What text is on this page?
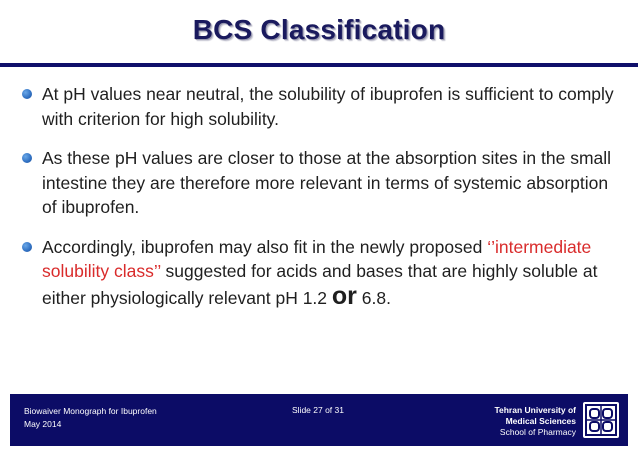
BCS Classification
At pH values near neutral, the solubility of ibuprofen is sufficient to comply with criterion for high solubility.
As these pH values are closer to those at the absorption sites in the small intestine they are therefore more relevant in terms of systemic absorption of ibuprofen.
Accordingly, ibuprofen may also fit in the newly proposed ‘’intermediate solubility class’’ suggested for acids and bases that are highly soluble at either physiologically relevant pH 1.2 or 6.8.
Biowaiver Monograph for Ibuprofen
May 2014
Slide 27 of 31	Tehran University of
Medical Sciences
School of Pharmacy
